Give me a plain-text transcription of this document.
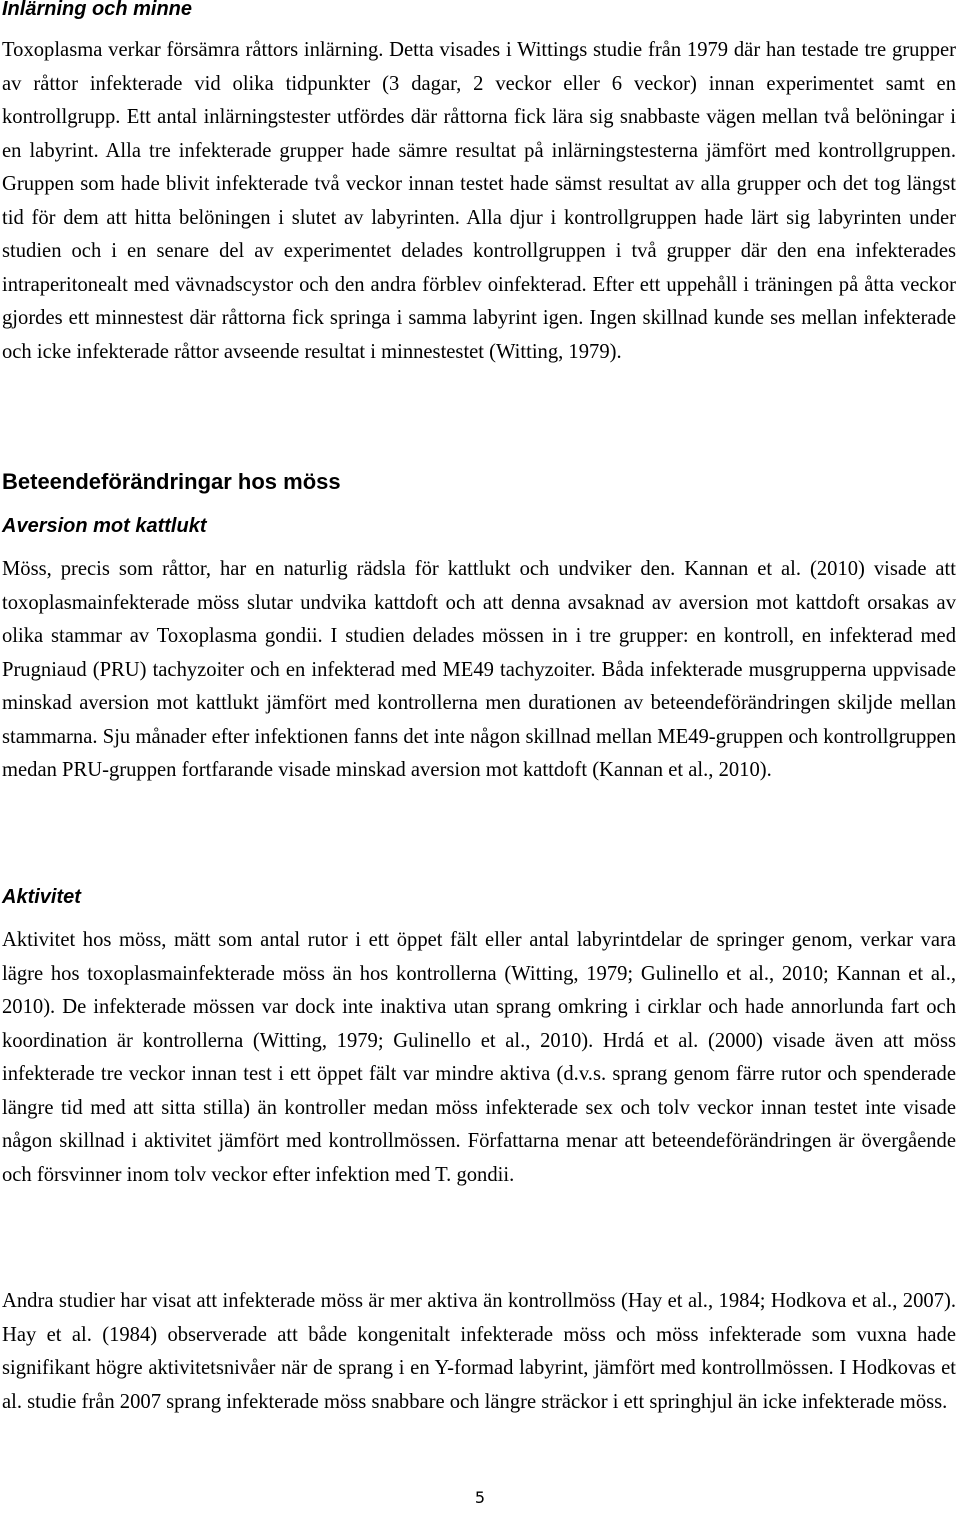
Inlärning och minne

Toxoplasma verkar försämra råttors inlärning. Detta visades i Wittings studie från 1979 där han testade tre grupper av råttor infekterade vid olika tidpunkter (3 dagar, 2 veckor eller 6 veckor) innan experimentet samt en kontrollgrupp. Ett antal inlärningstester utfördes där råttorna fick lära sig snabbaste vägen mellan två belöningar i en labyrint. Alla tre infekterade grupper hade sämre resultat på inlärningstesterna jämfört med kontrollgruppen. Gruppen som hade blivit infekterade två veckor innan testet hade sämst resultat av alla grupper och det tog längst tid för dem att hitta belöningen i slutet av labyrinten. Alla djur i kontrollgruppen hade lärt sig labyrinten under studien och i en senare del av experimentet delades kontrollgruppen i två grupper där den ena infekterades intraperitonealt med vävnadscystor och den andra förblev oinfekterad. Efter ett uppehåll i träningen på åtta veckor gjordes ett minnestest där råttorna fick springa i samma labyrint igen. Ingen skillnad kunde ses mellan infekterade och icke infekterade råttor avseende resultat i minnestestet (Witting, 1979).

Beteendeförändringar hos möss
Aversion mot kattlukt

Möss, precis som råttor, har en naturlig rädsla för kattlukt och undviker den. Kannan et al. (2010) visade att toxoplasmainfekterade möss slutar undvika kattdoft och att denna avsaknad av aversion mot kattdoft orsakas av olika stammar av Toxoplasma gondii. I studien delades mössen in i tre grupper: en kontroll, en infekterad med Prugniaud (PRU) tachyzoiter och en infekterad med ME49 tachyzoiter. Båda infekterade musgrupperna uppvisade minskad aversion mot kattlukt jämfört med kontrollerna men durationen av beteendeförändringen skiljde mellan stammarna. Sju månader efter infektionen fanns det inte någon skillnad mellan ME49-gruppen och kontrollgruppen medan PRU-gruppen fortfarande visade minskad aversion mot kattdoft (Kannan et al., 2010).

Aktivitet

Aktivitet hos möss, mätt som antal rutor i ett öppet fält eller antal labyrintdelar de springer genom, verkar vara lägre hos toxoplasmainfekterade möss än hos kontrollerna (Witting, 1979; Gulinello et al., 2010; Kannan et al., 2010). De infekterade mössen var dock inte inaktiva utan sprang omkring i cirklar och hade annorlunda fart och koordination är kontrollerna (Witting, 1979; Gulinello et al., 2010). Hrdá et al. (2000) visade även att möss infekterade tre veckor innan test i ett öppet fält var mindre aktiva (d.v.s. sprang genom färre rutor och spenderade längre tid med att sitta stilla) än kontroller medan möss infekterade sex och tolv veckor innan testet inte visade någon skillnad i aktivitet jämfört med kontrollmössen. Författarna menar att beteendeförändringen är övergående och försvinner inom tolv veckor efter infektion med T. gondii.

Andra studier har visat att infekterade möss är mer aktiva än kontrollmöss (Hay et al., 1984; Hodkova et al., 2007). Hay et al. (1984) observerade att både kongenitalt infekterade möss och möss infekterade som vuxna hade signifikant högre aktivitetsnivåer när de sprang i en Y-formad labyrint, jämfört med kontrollmössen. I Hodkovas et al. studie från 2007 sprang infekterade möss snabbare och längre sträckor i ett springhjul än icke infekterade möss.

5
